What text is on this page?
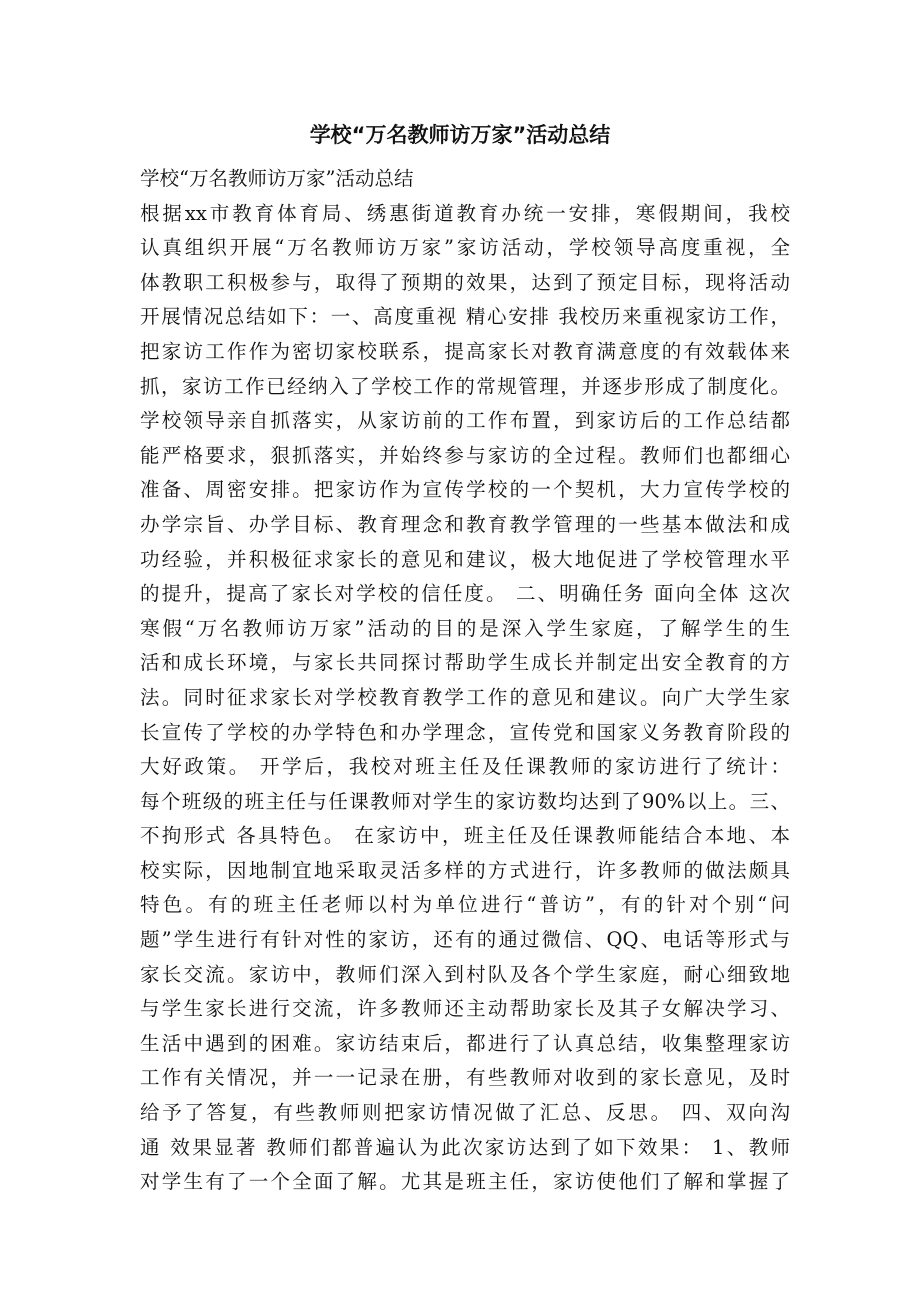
学校“万名教师访万家”活动总结
学校“万名教师访万家”活动总结
根据xx市教育体育局、绣惠街道教育办统一安排，寒假期间，我校
认真组织开展“万名教师访万家”家访活动，学校领导高度重视，全
体教职工积极参与，取得了预期的效果，达到了预定目标，现将活动
开展情况总结如下：一、高度重视 精心安排 我校历来重视家访工作，
把家访工作作为密切家校联系，提高家长对教育满意度的有效载体来
抓，家访工作已经纳入了学校工作的常规管理，并逐步形成了制度化。
学校领导亲自抓落实，从家访前的工作布置，到家访后的工作总结都
能严格要求，狠抓落实，并始终参与家访的全过程。教师们也都细心
准备、周密安排。把家访作为宣传学校的一个契机，大力宣传学校的
办学宗旨、办学目标、教育理念和教育教学管理的一些基本做法和成
功经验，并积极征求家长的意见和建议，极大地促进了学校管理水平
的提升，提高了家长对学校的信任度。 二、明确任务 面向全体 这次
寒假“万名教师访万家”活动的目的是深入学生家庭，了解学生的生
活和成长环境，与家长共同探讨帮助学生成长并制定出安全教育的方
法。同时征求家长对学校教育教学工作的意见和建议。向广大学生家
长宣传了学校的办学特色和办学理念，宣传党和国家义务教育阶段的
大好政策。 开学后，我校对班主任及任课教师的家访进行了统计：
每个班级的班主任与任课教师对学生的家访数均达到了90%以上。三、
不拘形式 各具特色。 在家访中，班主任及任课教师能结合本地、本
校实际，因地制宜地采取灵活多样的方式进行，许多教师的做法颇具
特色。有的班主任老师以村为单位进行“普访”，有的针对个别“问
题”学生进行有针对性的家访，还有的通过微信、QQ、电话等形式与
家长交流。家访中，教师们深入到村队及各个学生家庭，耐心细致地
与学生家长进行交流，许多教师还主动帮助家长及其子女解决学习、
生活中遇到的困难。家访结束后，都进行了认真总结，收集整理家访
工作有关情况，并一一记录在册，有些教师对收到的家长意见，及时
给予了答复，有些教师则把家访情况做了汇总、反思。 四、双向沟
通 效果显著 教师们都普遍认为此次家访达到了如下效果： 1、教师
对学生有了一个全面了解。尤其是班主任，家访使他们了解和掌握了
